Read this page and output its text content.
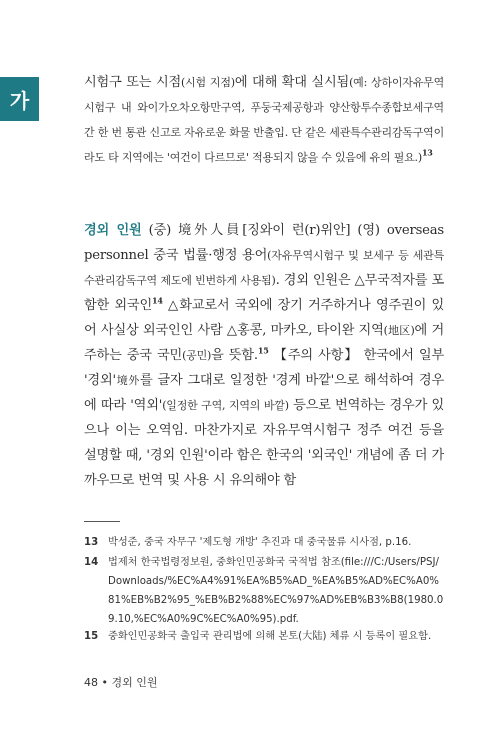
가
시험구 또는 시점(시험 지점)에 대해 확대 실시됨(예: 상하이자유무역시험구 내 와이가오차오항만구역, 푸둥국제공항과 양산항투수종합보세구역 간 한 번 통관 신고로 자유로운 화물 반출입. 단 같은 세관특수관리감독구역이라도 타 지역에는 '여건이 다르므로' 적용되지 않을 수 있음에 유의 필요.)$^{13}$
경외 인원 (중) 境外人員[징와이 런(r)위안] (영) overseas personnel 중국 법률·행정 용어(자유무역시험구 및 보세구 등 세관특수관리감독구역 제도에 빈번하게 사용됨). 경외 인원은 △무국적자를 포함한 외국인$^{14}$ △화교로서 국외에 장기 거주하거나 영주권이 있어 사실상 외국인인 사람 △홍콩, 마카오, 타이완 지역(地区)에 거주하는 중국 국민(공민)을 뜻함.$^{15}$ 【주의 사항】 한국에서 일부 '경외'境外를 글자 그대로 일정한 '경계 바깥'으로 해석하여 경우에 따라 '역외'(일정한 구역, 지역의 바깥) 등으로 번역하는 경우가 있으나 이는 오역임. 마찬가지로 자유무역시험구 정주 여건 등을 설명할 때, '경외 인원'이라 함은 한국의 '외국인' 개념에 좀 더 가까우므로 번역 및 사용 시 유의해야 함
13 박성준, 중국 자무구 '제도형 개방' 추진과 대 중국물류 시사점, p.16.
14 법제처 한국법령정보원, 중화인민공화국 국적법 참조(file:///C:/Users/PSJ/Downloads/%EC%A4%91%EA%B5%AD_%EA%B5%AD%EC%A0%81%EB%B2%95_%EB%B2%88%EC%97%AD%EB%B3%B8(1980.09.10,%EC%A0%9C%EC%A0%95).pdf.
15 중화인민공화국 출입국 관리법에 의해 본토(大陆) 체류 시 등록이 필요함.
48 • 경외 인원
